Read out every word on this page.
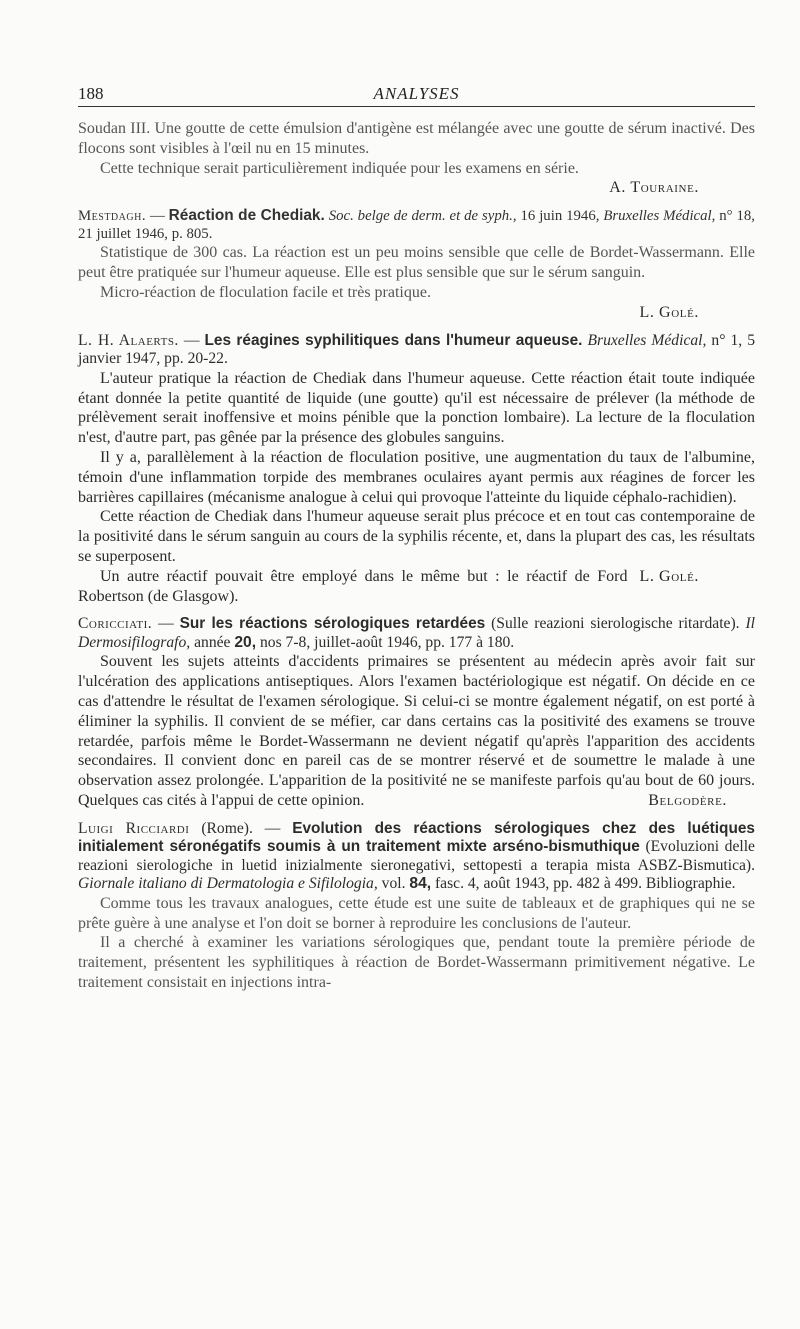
188	ANALYSES

Soudan III. Une goutte de cette émulsion d'antigène est mélangée avec une goutte de sérum inactivé. Des flocons sont visibles à l'œil nu en 15 minutes.

Cette technique serait particulièrement indiquée pour les examens en série.

A. Touraine.
Mestdagh. — Réaction de Chediak. Soc. belge de derm. et de syph., 16 juin 1946, Bruxelles Médical, n° 18, 21 juillet 1946, p. 805.

Statistique de 300 cas. La réaction est un peu moins sensible que celle de Bordet-Wassermann. Elle peut être pratiquée sur l'humeur aqueuse. Elle est plus sensible que sur le sérum sanguin.

Micro-réaction de floculation facile et très pratique.

L. Golé.
L. H. Alaerts. — Les réagines syphilitiques dans l'humeur aqueuse. Bruxelles Médical, n° 1, 5 janvier 1947, pp. 20-22.

L'auteur pratique la réaction de Chediak dans l'humeur aqueuse. Cette réaction était toute indiquée étant donnée la petite quantité de liquide (une goutte) qu'il est nécessaire de prélever (la méthode de prélèvement serait inoffensive et moins pénible que la ponction lombaire). La lecture de la floculation n'est, d'autre part, pas gênée par la présence des globules sanguins.

Il y a, parallèlement à la réaction de floculation positive, une augmentation du taux de l'albumine, témoin d'une inflammation torpide des membranes oculaires ayant permis aux réagines de forcer les barrières capillaires (mécanisme analogue à celui qui provoque l'atteinte du liquide céphalo-rachidien).

Cette réaction de Chediak dans l'humeur aqueuse serait plus précoce et en tout cas contemporaine de la positivité dans le sérum sanguin au cours de la syphilis récente, et, dans la plupart des cas, les résultats se superposent.

Un autre réactif pouvait être employé dans le même but : le réactif de Ford Robertson (de Glasgow).

L. Golé.
Coricciati. — Sur les réactions sérologiques retardées (Sulle reazioni sierologische ritardate). Il Dermosifilografo, année 20, nos 7-8, juillet-août 1946, pp. 177 à 180.

Souvent les sujets atteints d'accidents primaires se présentent au médecin après avoir fait sur l'ulcération des applications antiseptiques. Alors l'examen bactériologique est négatif. On décide en ce cas d'attendre le résultat de l'examen sérologique. Si celui-ci se montre également négatif, on est porté à éliminer la syphilis. Il convient de se méfier, car dans certains cas la positivité des examens se trouve retardée, parfois même le Bordet-Wassermann ne devient négatif qu'après l'apparition des accidents secondaires. Il convient donc en pareil cas de se montrer réservé et de soumettre le malade à une observation assez prolongée. L'apparition de la positivité ne se manifeste parfois qu'au bout de 60 jours. Quelques cas cités à l'appui de cette opinion.	Belgodère.
Luigi Ricciardi (Rome). — Evolution des réactions sérologiques chez des luétiques initialement séronégatifs soumis à un traitement mixte arséno-bismuthique (Evoluzioni delle reazioni sierologiche in luetid inizialmente sieronegativi, settopesti a terapia mista ASBZ-Bismutica). Giornale italiano di Dermatologia e Sifilologia, vol. 84, fasc. 4, août 1943, pp. 482 à 499. Bibliographie.

Comme tous les travaux analogues, cette étude est une suite de tableaux et de graphiques qui ne se prête guère à une analyse et l'on doit se borner à reproduire les conclusions de l'auteur.

Il a cherché à examiner les variations sérologiques que, pendant toute la première période de traitement, présentent les syphilitiques à réaction de Bordet-Wassermann primitivement négative. Le traitement consistait en injections intra-
